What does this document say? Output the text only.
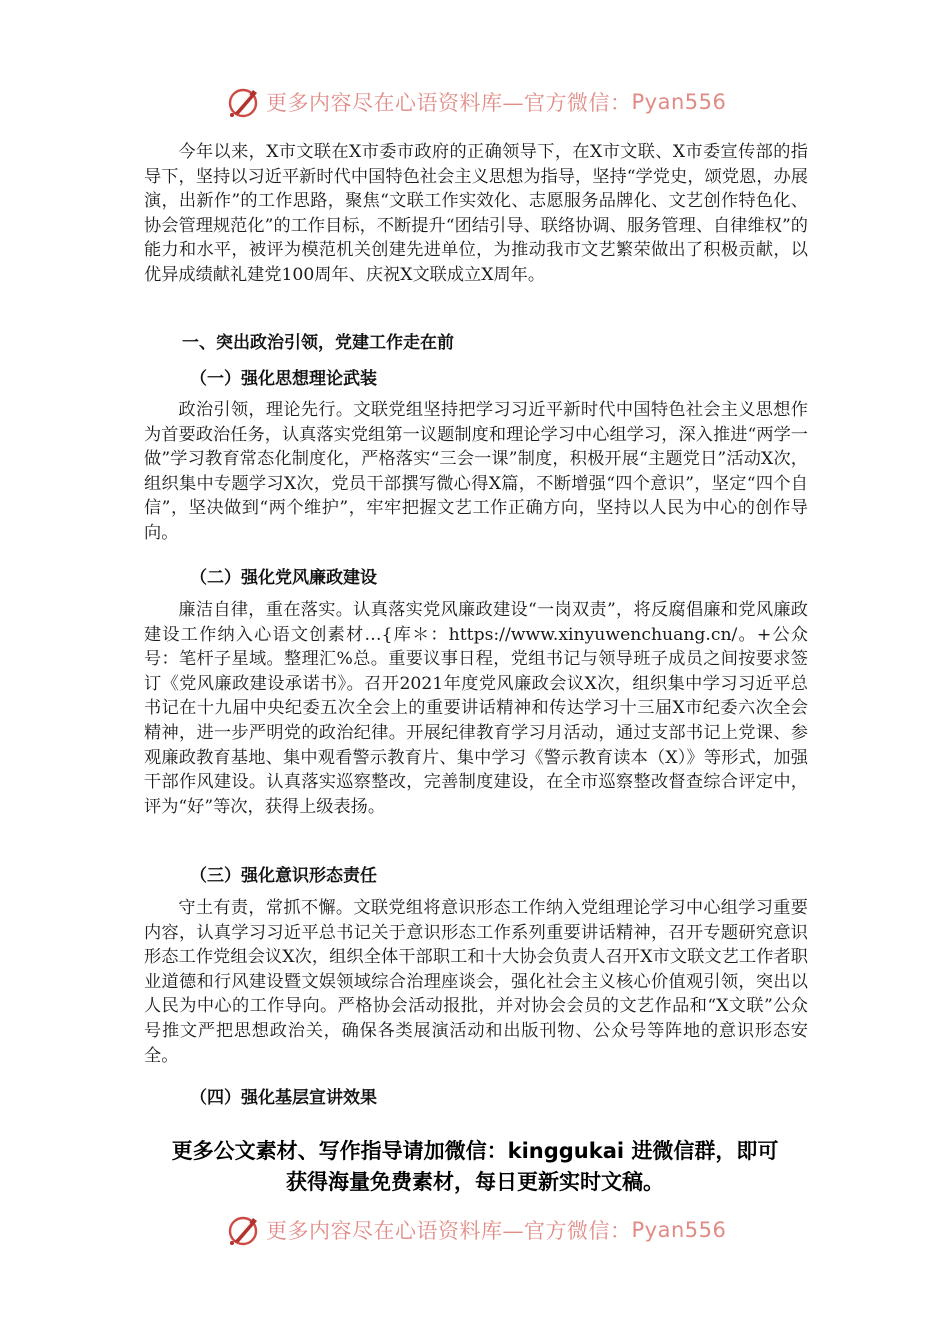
更多内容尽在心语资料库—官方微信： Pyan556

今年以来，X市文联在X市委市政府的正确领导下，在X市文联、X市委宣传部的指导下，坚持以习近平新时代中国特色社会主义思想为指导，坚持“学党史，颂党恩，办展演，出新作”的工作思路，聚焦“文联工作实效化、志愿服务品牌化、文艺创作特色化、协会管理规范化”的工作目标，不断提升“团结引导、联络协调、服务管理、自律维权”的能力和水平，被评为模范机关创建先进单位，为推动我市文艺繁荣做出了积极贡献，以优异成绩献礼建党100周年、庆祝X文联成立X周年。

一、突出政治引领，党建工作走在前
（一）强化思想理论武装

政治引领，理论先行。文联党组坚持把学习习近平新时代中国特色社会主义思想作为首要政治任务，认真落实党组第一议题制度和理论学习中心组学习，深入推进“两学一做”学习教育常态化制度化，严格落实“三会一课”制度，积极开展“主题党日”活动X次，组织集中专题学习X次，党员干部撰写微心得X篇，不断增强“四个意识”，坚定“四个自信”，坚决做到“两个维护”，牢牢把握文艺工作正确方向，坚持以人民为中心的创作导向。

（二）强化党风廉政建设

廉洁自律，重在落实。认真落实党风廉政建设“一岗双责”，将反腐倡廉和党风廉政建设工作纳入心语文创素材…{库＊：https://www.xinyuwenchuang.cn/。+公众号：笔杆子星域。整理汇%总。重要议事日程，党组书记与领导班子成员之间按要求签订《党风廉政建设承诺书》。召开2021年度党风廉政会议X次，组织集中学习习近平总书记在十九届中央纪委五次全会上的重要讲话精神和传达学习十三届X市纪委六次全会精神，进一步严明党的政治纪律。开展纪律教育学习月活动，通过支部书记上党课、参观廉政教育基地、集中观看警示教育片、集中学习《警示教育读本（X）》等形式，加强干部作风建设。认真落实巡察整改，完善制度建设，在全市巡察整改督查综合评定中，评为“好”等次，获得上级表扬。

（三）强化意识形态责任

守土有责，常抓不懈。文联党组将意识形态工作纳入党组理论学习中心组学习重要内容，认真学习习近平总书记关于意识形态工作系列重要讲话精神，召开专题研究意识形态工作党组会议X次，组织全体干部职工和十大协会负责人召开X市文联文艺工作者职业道德和行风建设暨文娱领域综合治理座谈会，强化社会主义核心价值观引领，突出以人民为中心的工作导向。严格协会活动报批，并对协会会员的文艺作品和“X文联”公众号推文严把思想政治关，确保各类展演活动和出版刊物、公众号等阵地的意识形态安全。

（四）强化基层宣讲效果
更多公文素材、写作指导请加微信：kinggukai 进微信群，即可
获得海量免费素材，每日更新实时文稿。
更多内容尽在心语资料库—官方微信： Pyan556
